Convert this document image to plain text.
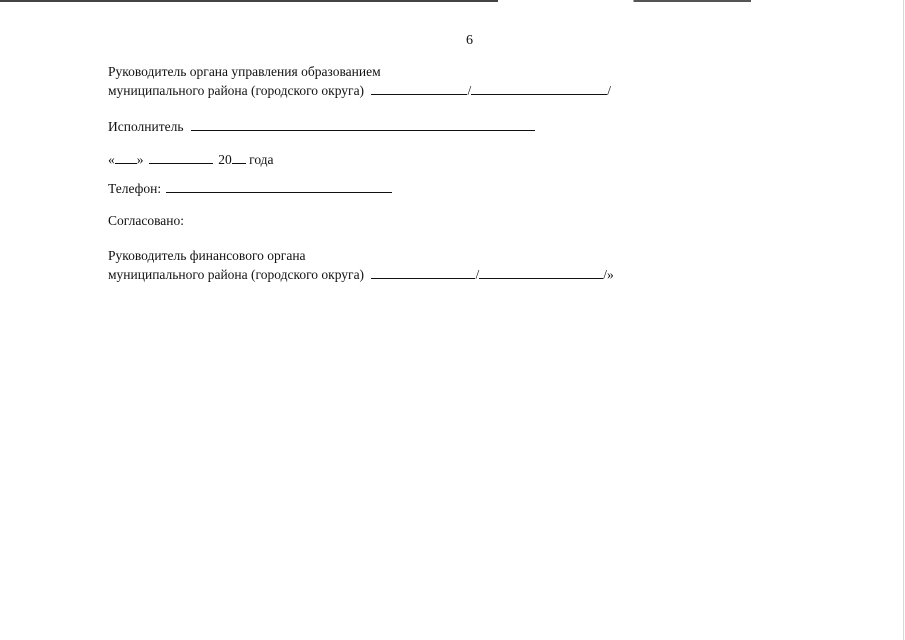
6
Руководитель органа управления образованием
муниципального района (городского округа)	/	/
Исполнитель
« »	20 года
Телефон:
Согласовано:
Руководитель финансового органа
муниципального района (городского округа)	/	/»
